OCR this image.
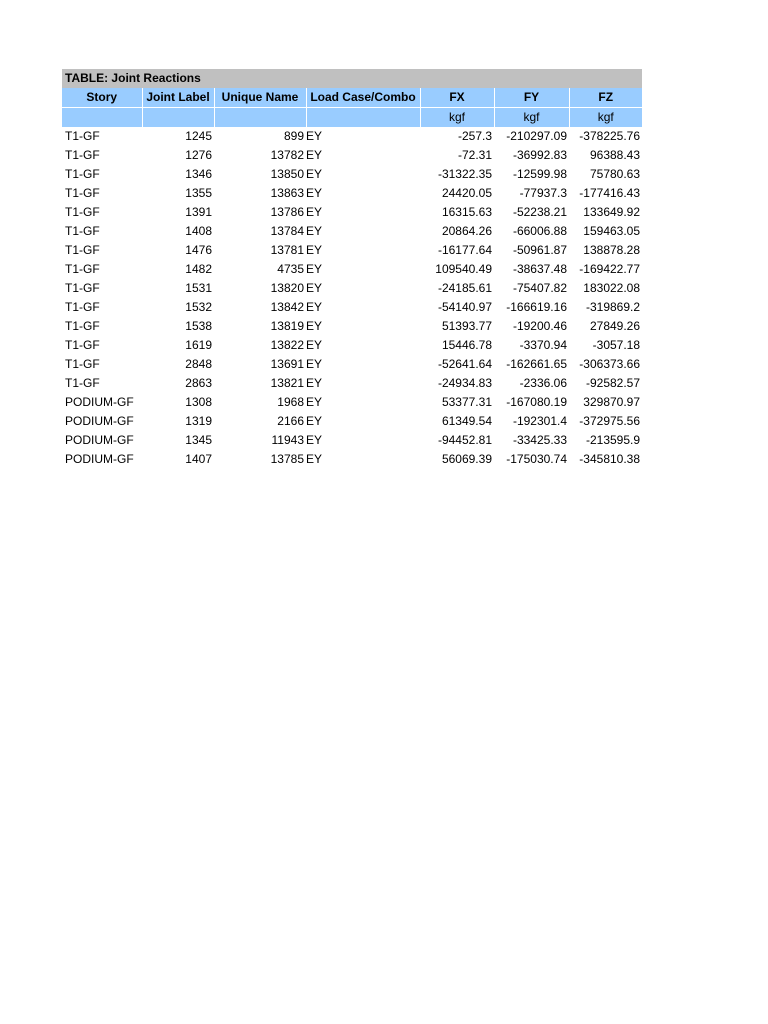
TABLE: Joint Reactions						
Story	Joint Label	Unique Name	Load Case/Combo	FX	FY	FZ
				kgf	kgf	kgf
T1-GF	1245	899	EY	-257.3	-210297.09	-378225.76
T1-GF	1276	13782	EY	-72.31	-36992.83	96388.43
T1-GF	1346	13850	EY	-31322.35	-12599.98	75780.63
T1-GF	1355	13863	EY	24420.05	-77937.3	-177416.43
T1-GF	1391	13786	EY	16315.63	-52238.21	133649.92
T1-GF	1408	13784	EY	20864.26	-66006.88	159463.05
T1-GF	1476	13781	EY	-16177.64	-50961.87	138878.28
T1-GF	1482	4735	EY	109540.49	-38637.48	-169422.77
T1-GF	1531	13820	EY	-24185.61	-75407.82	183022.08
T1-GF	1532	13842	EY	-54140.97	-166619.16	-319869.2
T1-GF	1538	13819	EY	51393.77	-19200.46	27849.26
T1-GF	1619	13822	EY	15446.78	-3370.94	-3057.18
T1-GF	2848	13691	EY	-52641.64	-162661.65	-306373.66
T1-GF	2863	13821	EY	-24934.83	-2336.06	-92582.57
PODIUM-GF	1308	1968	EY	53377.31	-167080.19	329870.97
PODIUM-GF	1319	2166	EY	61349.54	-192301.4	-372975.56
PODIUM-GF	1345	11943	EY	-94452.81	-33425.33	-213595.9
PODIUM-GF	1407	13785	EY	56069.39	-175030.74	-345810.38
